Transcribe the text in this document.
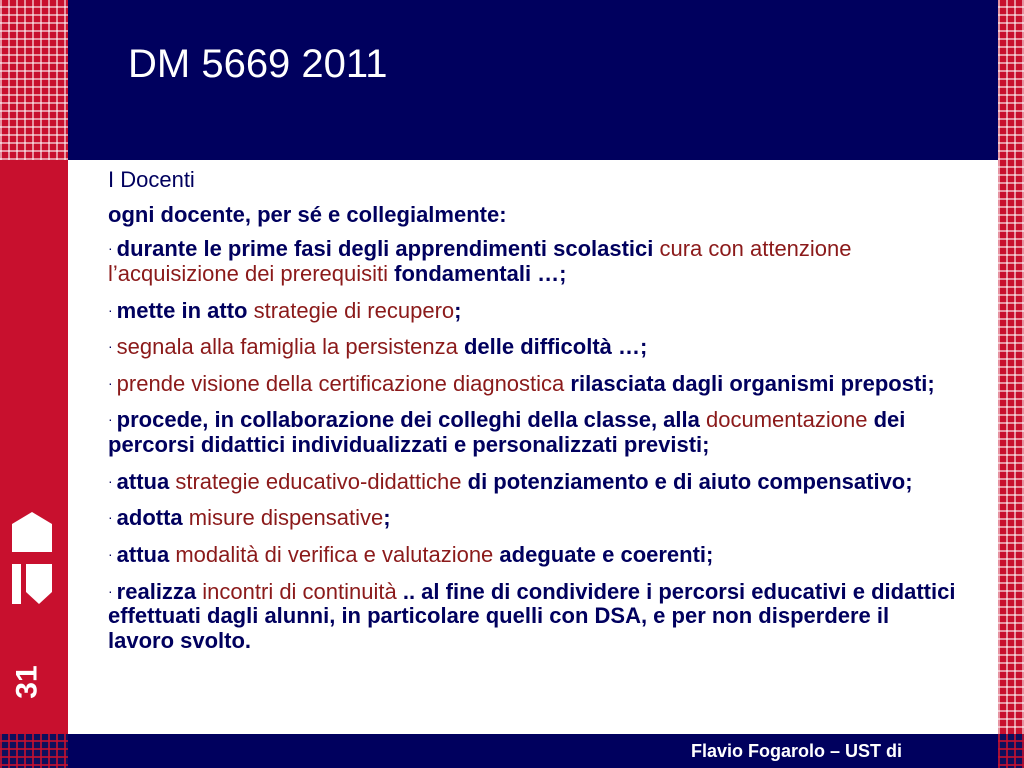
DM 5669 2011
31
Flavio Fogarolo – UST di

I Docenti

ogni docente, per sé e collegialmente:

· durante le prime fasi degli apprendimenti scolastici cura con attenzione l’acquisizione dei prerequisiti fondamentali …;

· mette in atto strategie di recupero;

· segnala alla famiglia la persistenza delle difficoltà …;

· prende visione della certificazione diagnostica rilasciata dagli organismi preposti;

· procede, in collaborazione dei colleghi della classe, alla documentazione dei percorsi didattici individualizzati e personalizzati previsti;

· attua strategie educativo-didattiche di potenziamento e di aiuto compensativo;

· adotta misure dispensative;

· attua modalità di verifica e valutazione adeguate e coerenti;

· realizza incontri di continuità .. al fine di condividere i percorsi educativi e didattici effettuati dagli alunni, in particolare quelli con DSA, e per non disperdere il lavoro svolto.
